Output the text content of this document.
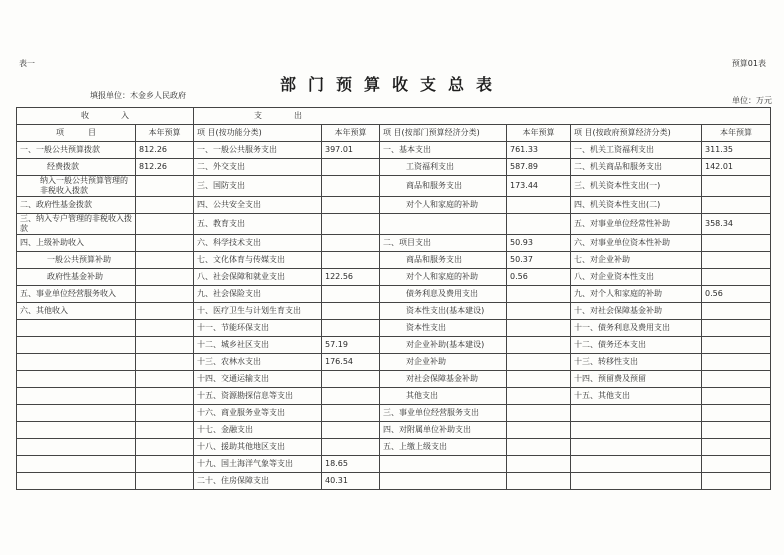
表一	预算01表
部门预算收支总表
填报单位：木金乡人民政府
单位：万元
收　　　　入		支　　　　出					
项　　　目	本年预算	项 目(按功能分类)	本年预算	项 目(按部门预算经济分类)	本年预算	项 目(按政府预算经济分类)	本年预算
一、一般公共预算拨款	812.26	一、一般公共服务支出	397.01	一、基本支出	761.33	一、机关工资福利支出	311.35
经费拨款	812.26	二、外交支出		工资福利支出	587.89	二、机关商品和服务支出	142.01
纳入一般公共预算管理的非税收入拨款		三、国防支出		商品和服务支出	173.44	三、机关资本性支出(一)	
二、政府性基金拨款		四、公共安全支出		对个人和家庭的补助		四、机关资本性支出(二)	
三、纳入专户管理的非税收入拨款		五、教育支出				五、对事业单位经常性补助	358.34
四、上级补助收入		六、科学技术支出		二、项目支出	50.93	六、对事业单位资本性补助	
一般公共预算补助		七、文化体育与传媒支出		商品和服务支出	50.37	七、对企业补助	
政府性基金补助		八、社会保障和就业支出	122.56	对个人和家庭的补助	0.56	八、对企业资本性支出	
五、事业单位经营服务收入		九、社会保险支出		债务利息及费用支出		九、对个人和家庭的补助	0.56
六、其他收入		十、医疗卫生与计划生育支出		资本性支出(基本建设)		十、对社会保障基金补助	
		十一、节能环保支出		资本性支出		十一、债务利息及费用支出	
		十二、城乡社区支出	57.19	对企业补助(基本建设)		十二、债务还本支出	
		十三、农林水支出	176.54	对企业补助		十三、转移性支出	
		十四、交通运输支出		对社会保障基金补助		十四、预留费及预留	
		十五、资源勘探信息等支出		其他支出		十五、其他支出	
		十六、商业服务业等支出		三、事业单位经营服务支出			
		十七、金融支出		四、对附属单位补助支出			
		十八、援助其他地区支出		五、上缴上级支出			
		十九、国土海洋气象等支出	18.65				
		二十、住房保障支出	40.31				
